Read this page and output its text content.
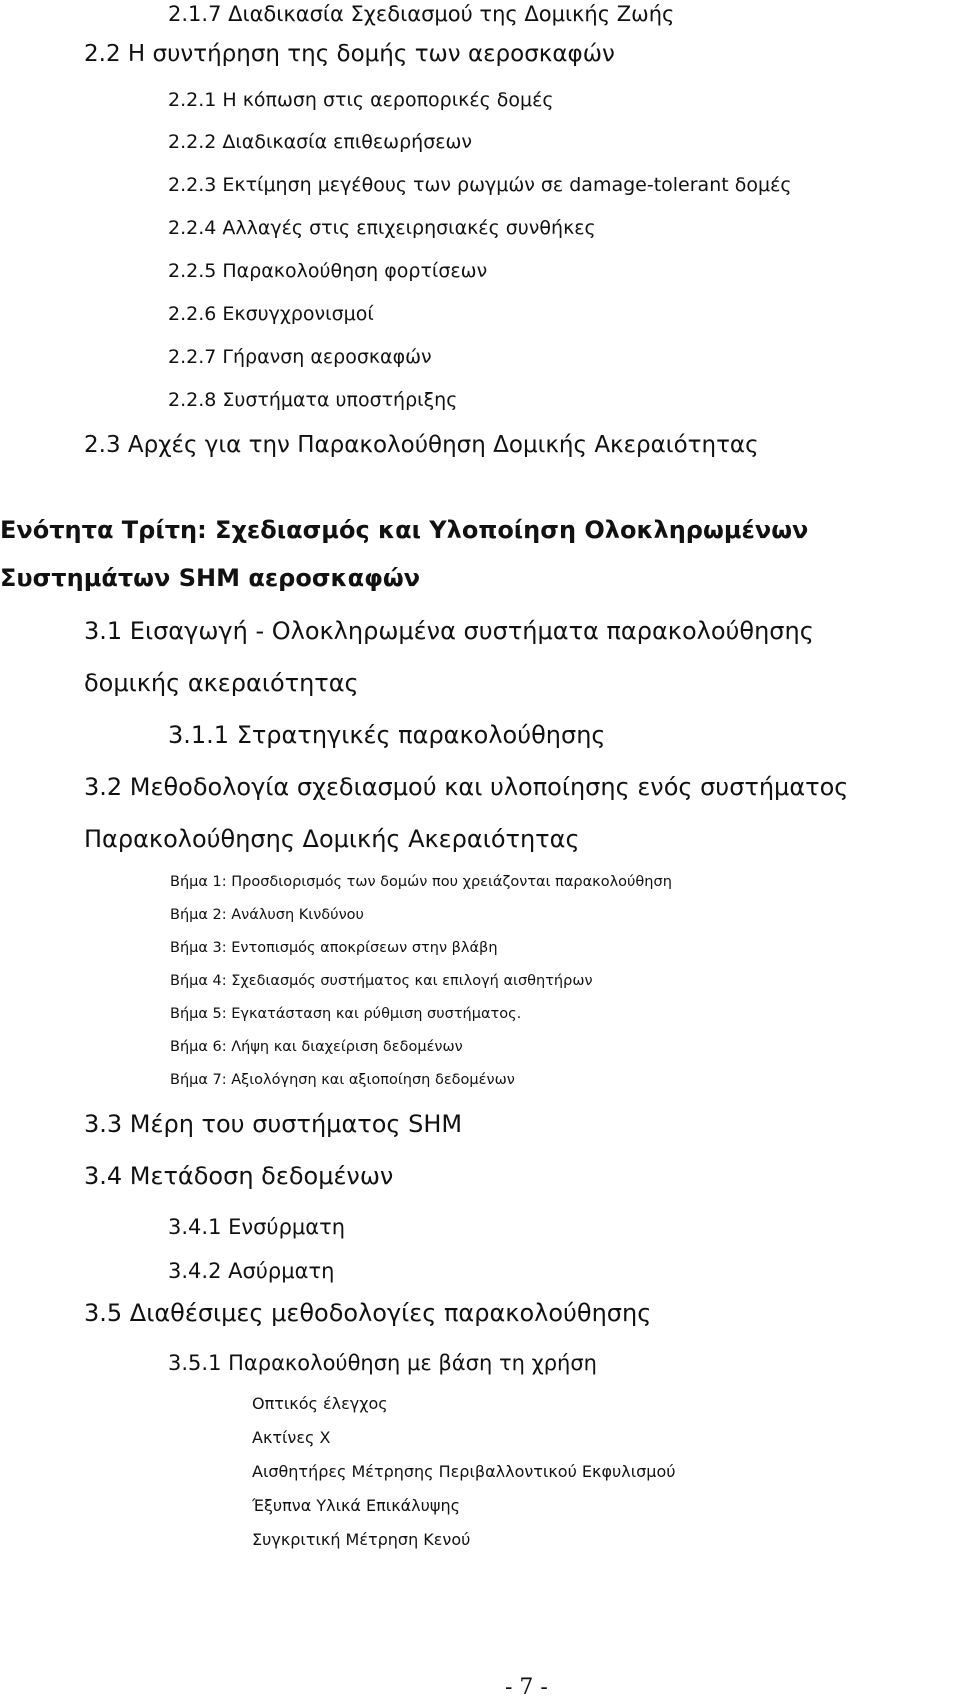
2.1.7 Διαδικασία Σχεδιασμού της Δομικής Ζωής
2.2 Η συντήρηση της δομής των αεροσκαφών
2.2.1 Η κόπωση στις αεροπορικές δομές
2.2.2 Διαδικασία επιθεωρήσεων
2.2.3 Εκτίμηση μεγέθους των ρωγμών σε damage-tolerant δομές
2.2.4 Αλλαγές στις επιχειρησιακές συνθήκες
2.2.5 Παρακολούθηση φορτίσεων
2.2.6 Εκσυγχρονισμοί
2.2.7 Γήρανση αεροσκαφών
2.2.8 Συστήματα υποστήριξης
2.3 Αρχές για την Παρακολούθηση Δομικής Ακεραιότητας
Ενότητα Τρίτη: Σχεδιασμός και Υλοποίηση Ολοκληρωμένων
Συστημάτων SHM αεροσκαφών
3.1 Εισαγωγή - Ολοκληρωμένα συστήματα παρακολούθησης
δομικής ακεραιότητας
3.1.1 Στρατηγικές παρακολούθησης
3.2 Μεθοδολογία σχεδιασμού και υλοποίησης ενός συστήματος
Παρακολούθησης Δομικής Ακεραιότητας
Βήμα 1: Προσδιορισμός των δομών που χρειάζονται παρακολούθηση
Βήμα 2: Ανάλυση Κινδύνου
Βήμα 3: Εντοπισμός αποκρίσεων στην βλάβη
Βήμα 4: Σχεδιασμός συστήματος και επιλογή αισθητήρων
Βήμα 5: Εγκατάσταση και ρύθμιση συστήματος.
Βήμα 6: Λήψη και διαχείριση δεδομένων
Βήμα 7: Αξιολόγηση και αξιοποίηση δεδομένων
3.3 Μέρη του συστήματος SHM
3.4 Μετάδοση δεδομένων
3.4.1 Ενσύρματη
3.4.2 Ασύρματη
3.5 Διαθέσιμες μεθοδολογίες παρακολούθησης
3.5.1 Παρακολούθηση με βάση τη χρήση
Οπτικός έλεγχος
Ακτίνες Χ
Αισθητήρες Μέτρησης Περιβαλλοντικού Εκφυλισμού
Έξυπνα Υλικά Επικάλυψης
Συγκριτική Μέτρηση Κενού
- 7 -
